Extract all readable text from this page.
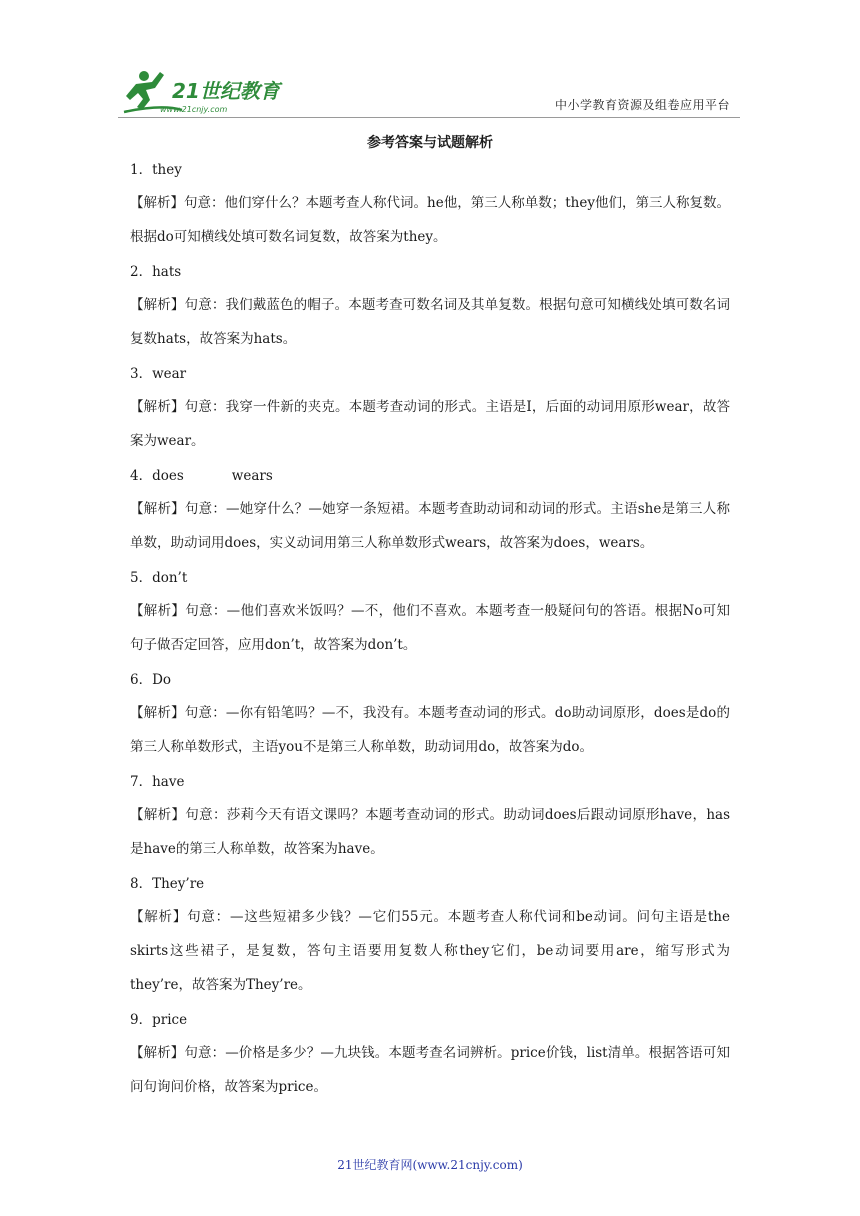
21世纪教育
www.21cnjy.com	中小学教育资源及组卷应用平台
参考答案与试题解析
1．they
【解析】句意：他们穿什么？本题考查人称代词。he他，第三人称单数；they他们，第三人称复数。根据do可知横线处填可数名词复数，故答案为they。
2．hats
【解析】句意：我们戴蓝色的帽子。本题考查可数名词及其单复数。根据句意可知横线处填可数名词复数hats，故答案为hats。
3．wear
【解析】句意：我穿一件新的夹克。本题考查动词的形式。主语是I，后面的动词用原形wear，故答案为wear。
4．does	wears
【解析】句意：—她穿什么？—她穿一条短裙。本题考查助动词和动词的形式。主语she是第三人称单数，助动词用does，实义动词用第三人称单数形式wears，故答案为does，wears。
5．don’t
【解析】句意：—他们喜欢米饭吗？—不，他们不喜欢。本题考查一般疑问句的答语。根据No可知句子做否定回答，应用don’t，故答案为don’t。
6．Do
【解析】句意：—你有铅笔吗？—不，我没有。本题考查动词的形式。do助动词原形，does是do的第三人称单数形式，主语you不是第三人称单数，助动词用do，故答案为do。
7．have
【解析】句意：莎莉今天有语文课吗？本题考查动词的形式。助动词does后跟动词原形have，has是have的第三人称单数，故答案为have。
8．They’re
【解析】句意：—这些短裙多少钱？—它们55元。本题考查人称代词和be动词。问句主语是the skirts这些裙子，是复数，答句主语要用复数人称they它们，be动词要用are，缩写形式为they’re，故答案为They’re。
9．price
【解析】句意：—价格是多少？—九块钱。本题考查名词辨析。price价钱，list清单。根据答语可知问句询问价格，故答案为price。
21世纪教育网(www.21cnjy.com)
